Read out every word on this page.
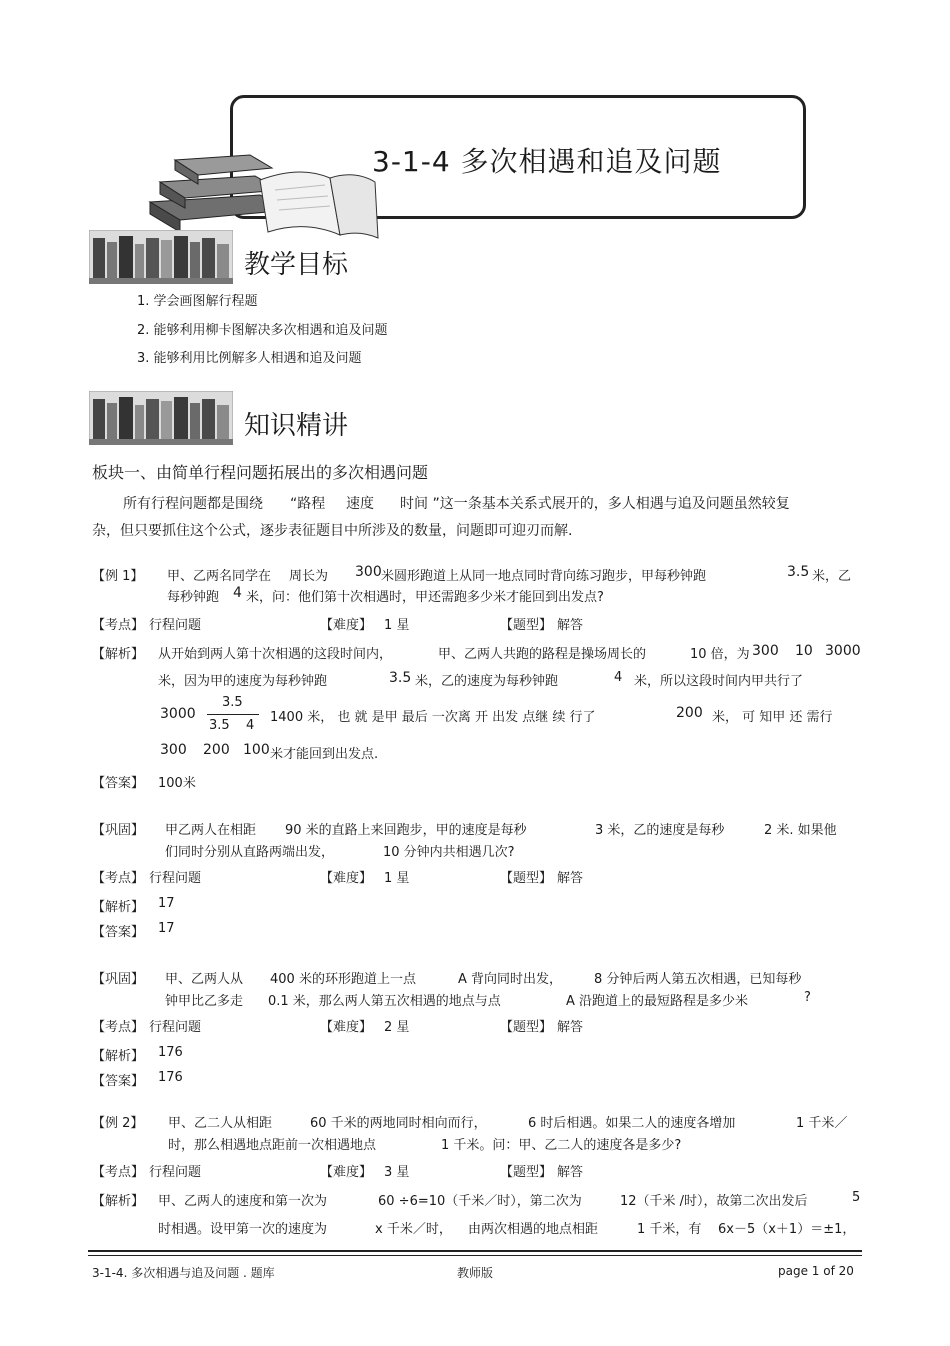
3-1-4 多次相遇和追及问题
教学目标
1. 学会画图解行程题
2. 能够利用柳卡图解决多次相遇和追及问题
3. 能够利用比例解多人相遇和追及问题
知识精讲
板块一、由简单行程问题拓展出的多次相遇问题
所有行程问题都是围绕 “路程 速度 时间 ”这一条基本关系式展开的，多人相遇与追及问题虽然较复
杂，但只要抓住这个公式，逐步表征题目中所涉及的数量，问题即可迎刃而解.
【例 1】 甲、乙两名同学在 周长为 300 米圆形跑道上从同一地点同时背向练习跑步，甲每秒钟跑	3.5 米，乙
每秒钟跑 4 米，问：他们第十次相遇时，甲还需跑多少米才能回到出发点?
【考点】 行程问题	【难度】 1 星	【题型】 解答
【解析】 从开始到两人第十次相遇的这段时间内，	甲、乙两人共跑的路程是操场周长的	10 倍，为 300 10 3000
米，因为甲的速度为每秒钟跑	3.5 米，乙的速度为每秒钟跑	4 米，所以这段时间内甲共行了
3000
3.5
3.5 4
1400 米， 也 就 是甲 最后 一次离 开 出发 点继 续 行了	200 米， 可 知甲 还 需行
300 200 100 米才能回到出发点.
【答案】 100米
【巩固】 甲乙两人在相距 90 米的直路上来回跑步，甲的速度是每秒	3 米，乙的速度是每秒	2 米. 如果他
们同时分别从直路两端出发，	10 分钟内共相遇几次?
【考点】 行程问题	【难度】 1 星	【题型】 解答
【解析】 17
【答案】 17
【巩固】 甲、乙两人从 400 米的环形跑道上一点	A 背向同时出发， 8 分钟后两人第五次相遇，已知每秒
钟甲比乙多走 0.1 米，那么两人第五次相遇的地点与点	A 沿跑道上的最短路程是多少米	?
【考点】 行程问题	【难度】 2 星	【题型】 解答
【解析】 176
【答案】 176
【例 2】 甲、乙二人从相距	60 千米的两地同时相向而行，	6 时后相遇。如果二人的速度各增加	1 千米／
时，那么相遇地点距前一次相遇地点	1 千米。问：甲、乙二人的速度各是多少?
【考点】 行程问题	【难度】 3 星	【题型】 解答
【解析】 甲、乙两人的速度和第一次为	60 ÷6=10（千米／时），第二次为	12（千米 /时），故第二次出发后	5
时相遇。设甲第一次的速度为	x 千米／时， 由两次相遇的地点相距	1 千米，有 6x－5（x＋1）＝±1，
3-1-4. 多次相遇与追及问题 . 题库	教师版	page 1 of 20
